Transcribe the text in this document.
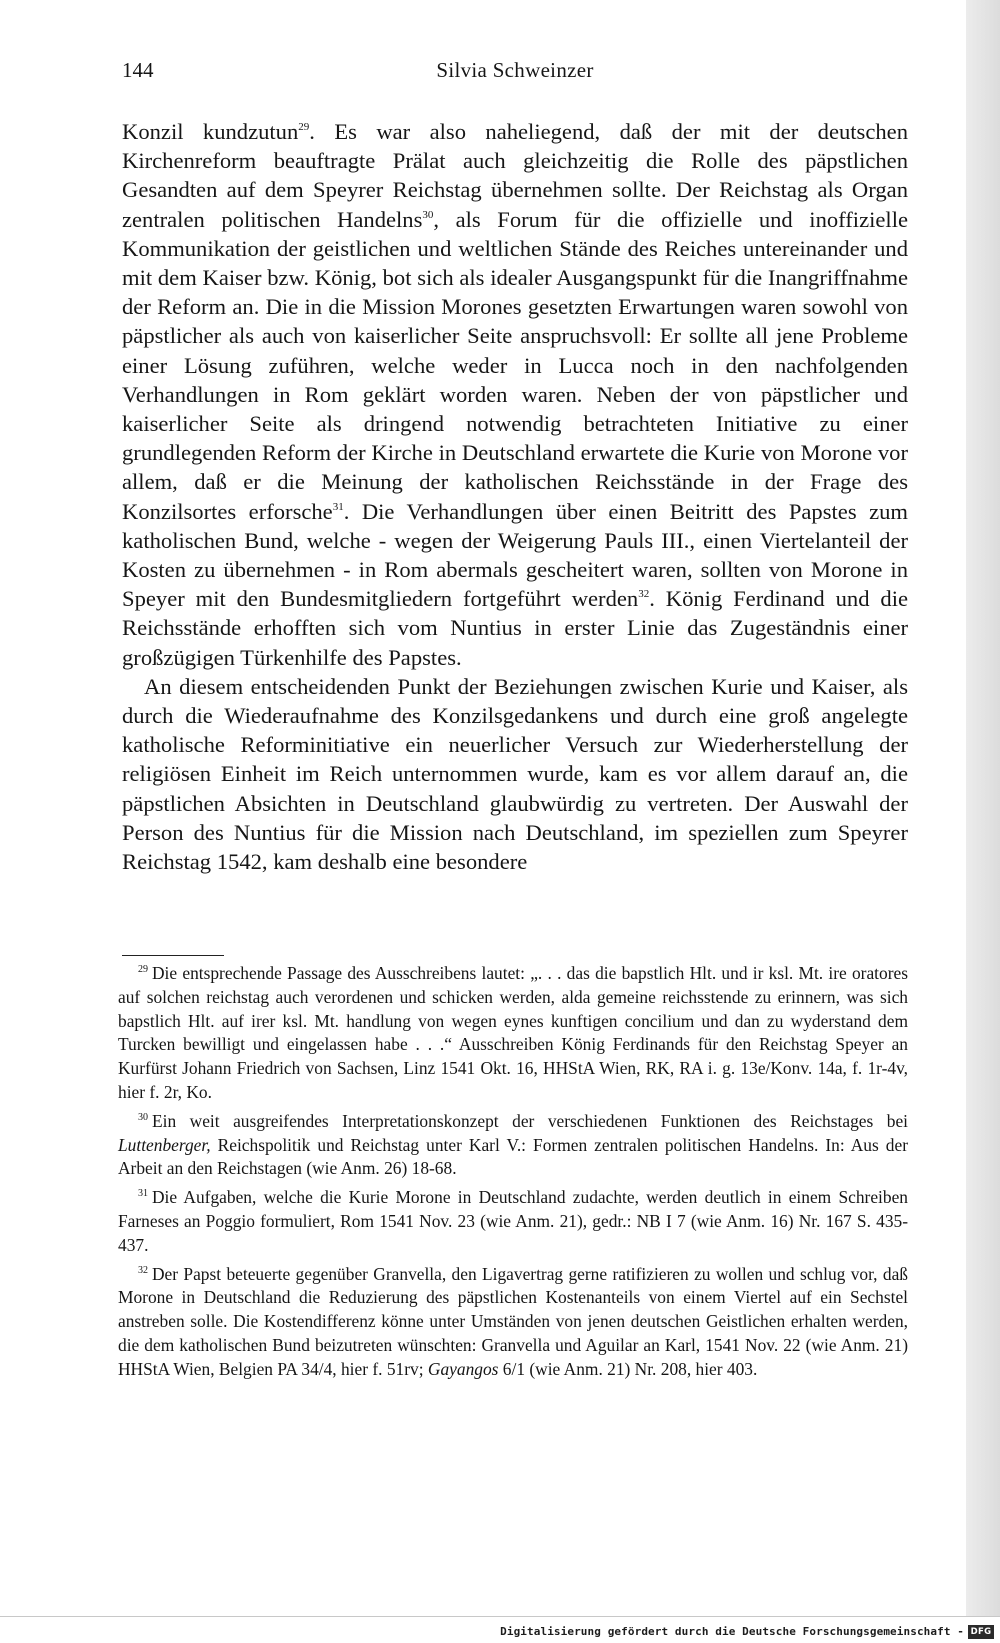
144	Silvia Schweinzer

Konzil kundzutun$^{29}$. Es war also naheliegend, daß der mit der deutschen Kirchenreform beauftragte Prälat auch gleichzeitig die Rolle des päpstlichen Gesandten auf dem Speyrer Reichstag übernehmen sollte. Der Reichstag als Organ zentralen politischen Handelns$^{30}$, als Forum für die offizielle und inoffizielle Kommunikation der geistlichen und weltlichen Stände des Reiches untereinander und mit dem Kaiser bzw. König, bot sich als idealer Ausgangspunkt für die Inangriffnahme der Reform an. Die in die Mission Morones gesetzten Erwartungen waren sowohl von päpstlicher als auch von kaiserlicher Seite anspruchsvoll: Er sollte all jene Probleme einer Lösung zuführen, welche weder in Lucca noch in den nachfolgenden Verhandlungen in Rom geklärt worden waren. Neben der von päpstlicher und kaiserlicher Seite als dringend notwendig betrachteten Initiative zu einer grundlegenden Reform der Kirche in Deutschland erwartete die Kurie von Morone vor allem, daß er die Meinung der katholischen Reichsstände in der Frage des Konzilsortes erforsche$^{31}$. Die Verhandlungen über einen Beitritt des Papstes zum katholischen Bund, welche - wegen der Weigerung Pauls III., einen Viertelanteil der Kosten zu übernehmen - in Rom abermals gescheitert waren, sollten von Morone in Speyer mit den Bundesmitgliedern fortgeführt werden$^{32}$. König Ferdinand und die Reichsstände erhofften sich vom Nuntius in erster Linie das Zugeständnis einer großzügigen Türkenhilfe des Papstes.

An diesem entscheidenden Punkt der Beziehungen zwischen Kurie und Kaiser, als durch die Wiederaufnahme des Konzilsgedankens und durch eine groß angelegte katholische Reforminitiative ein neuerlicher Versuch zur Wiederherstellung der religiösen Einheit im Reich unternommen wurde, kam es vor allem darauf an, die päpstlichen Absichten in Deutschland glaubwürdig zu vertreten. Der Auswahl der Person des Nuntius für die Mission nach Deutschland, im speziellen zum Speyrer Reichstag 1542, kam deshalb eine besondere

$^{29}$ Die entsprechende Passage des Ausschreibens lautet: „. . . das die bapstlich Hlt. und ir ksl. Mt. ire oratores auf solchen reichstag auch verordenen und schicken werden, alda gemeine reichsstende zu erinnern, was sich bapstlich Hlt. auf irer ksl. Mt. handlung von wegen eynes kunftigen concilium und dan zu wyderstand dem Turcken bewilligt und eingelassen habe . . .“ Ausschreiben König Ferdinands für den Reichstag Speyer an Kurfürst Johann Friedrich von Sachsen, Linz 1541 Okt. 16, HHStA Wien, RK, RA i. g. 13e/Konv. 14a, f. 1r-4v, hier f. 2r, Ko.

$^{30}$ Ein weit ausgreifendes Interpretationskonzept der verschiedenen Funktionen des Reichstages bei Luttenberger, Reichspolitik und Reichstag unter Karl V.: Formen zentralen politischen Handelns. In: Aus der Arbeit an den Reichstagen (wie Anm. 26) 18-68.

$^{31}$ Die Aufgaben, welche die Kurie Morone in Deutschland zudachte, werden deutlich in einem Schreiben Farneses an Poggio formuliert, Rom 1541 Nov. 23 (wie Anm. 21), gedr.: NB I 7 (wie Anm. 16) Nr. 167 S. 435-437.

$^{32}$ Der Papst beteuerte gegenüber Granvella, den Ligavertrag gerne ratifizieren zu wollen und schlug vor, daß Morone in Deutschland die Reduzierung des päpstlichen Kostenanteils von einem Viertel auf ein Sechstel anstreben solle. Die Kostendifferenz könne unter Umständen von jenen deutschen Geistlichen erhalten werden, die dem katholischen Bund beizutreten wünschten: Granvella und Aguilar an Karl, 1541 Nov. 22 (wie Anm. 21) HHStA Wien, Belgien PA 34/4, hier f. 51rv; Gayangos 6/1 (wie Anm. 21) Nr. 208, hier 403.

Digitalisierung gefördert durch die Deutsche Forschungsgemeinschaft - DFG
